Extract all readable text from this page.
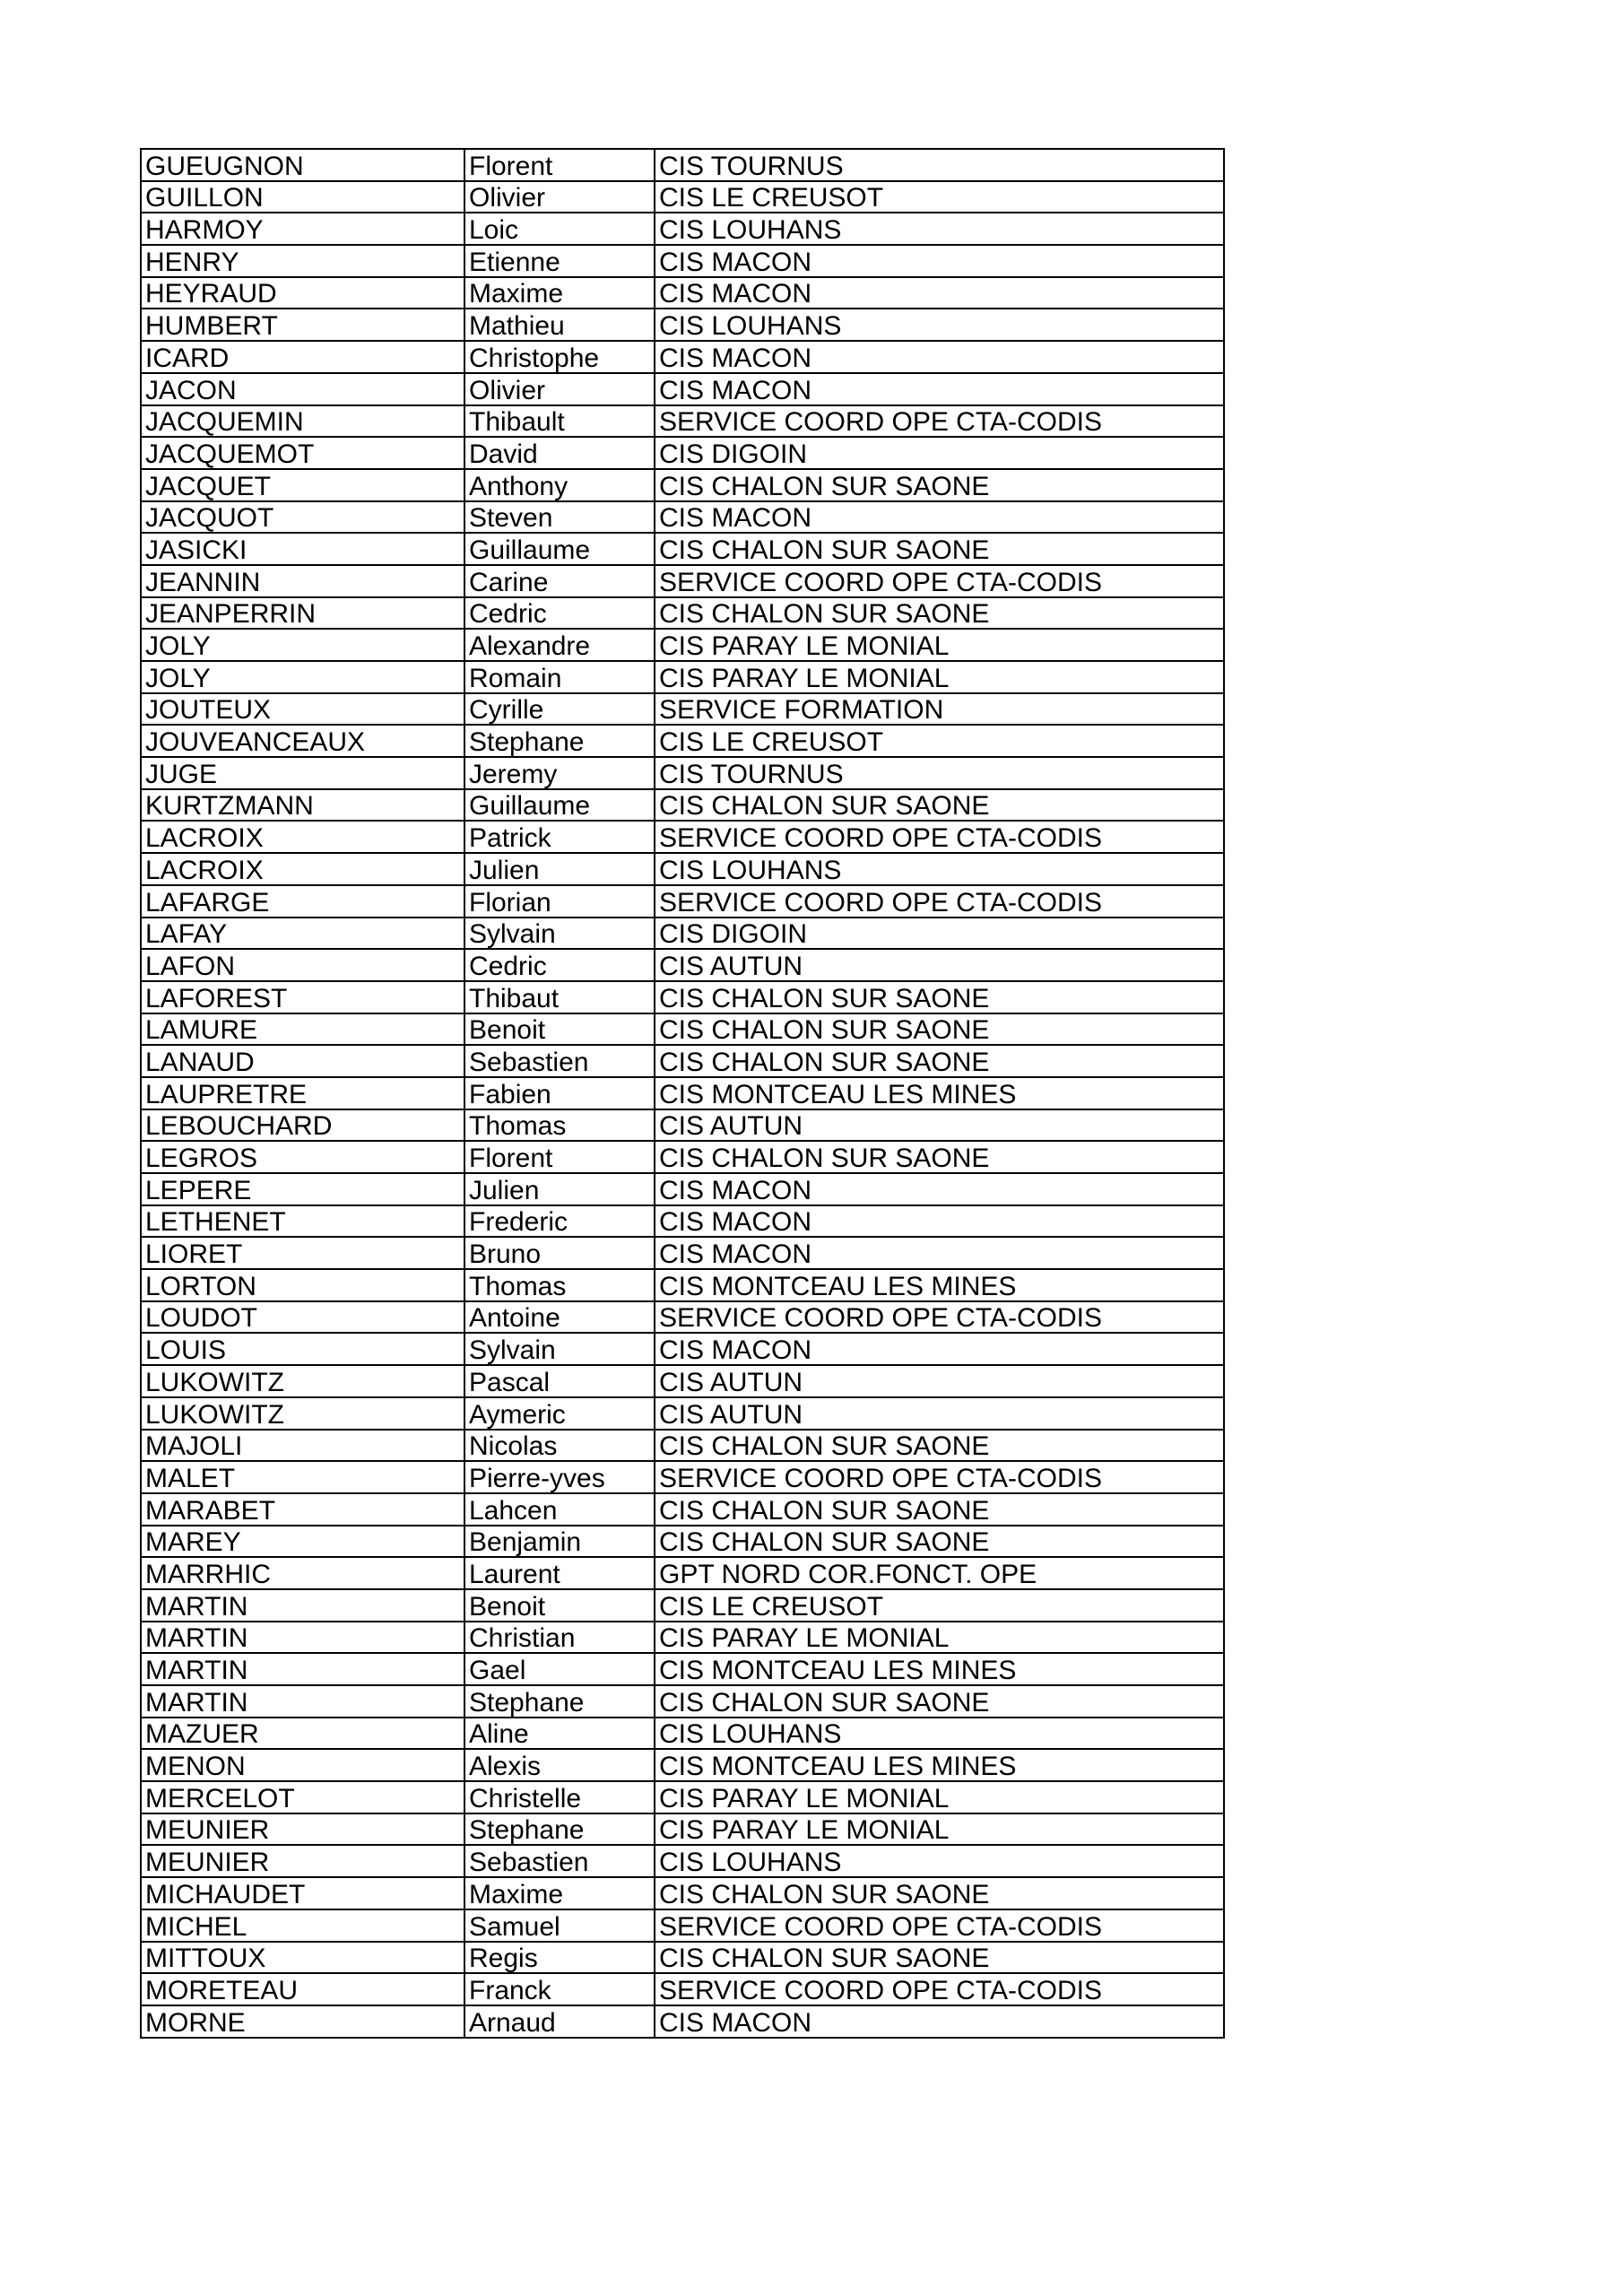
GUEUGNON	Florent	CIS TOURNUS
GUILLON	Olivier	CIS LE CREUSOT
HARMOY	Loic	CIS LOUHANS
HENRY	Etienne	CIS MACON
HEYRAUD	Maxime	CIS MACON
HUMBERT	Mathieu	CIS LOUHANS
ICARD	Christophe	CIS MACON
JACON	Olivier	CIS MACON
JACQUEMIN	Thibault	SERVICE COORD OPE CTA-CODIS
JACQUEMOT	David	CIS DIGOIN
JACQUET	Anthony	CIS CHALON SUR SAONE
JACQUOT	Steven	CIS MACON
JASICKI	Guillaume	CIS CHALON SUR SAONE
JEANNIN	Carine	SERVICE COORD OPE CTA-CODIS
JEANPERRIN	Cedric	CIS CHALON SUR SAONE
JOLY	Alexandre	CIS PARAY LE MONIAL
JOLY	Romain	CIS PARAY LE MONIAL
JOUTEUX	Cyrille	SERVICE FORMATION
JOUVEANCEAUX	Stephane	CIS LE CREUSOT
JUGE	Jeremy	CIS TOURNUS
KURTZMANN	Guillaume	CIS CHALON SUR SAONE
LACROIX	Patrick	SERVICE COORD OPE CTA-CODIS
LACROIX	Julien	CIS LOUHANS
LAFARGE	Florian	SERVICE COORD OPE CTA-CODIS
LAFAY	Sylvain	CIS DIGOIN
LAFON	Cedric	CIS AUTUN
LAFOREST	Thibaut	CIS CHALON SUR SAONE
LAMURE	Benoit	CIS CHALON SUR SAONE
LANAUD	Sebastien	CIS CHALON SUR SAONE
LAUPRETRE	Fabien	CIS MONTCEAU LES MINES
LEBOUCHARD	Thomas	CIS AUTUN
LEGROS	Florent	CIS CHALON SUR SAONE
LEPERE	Julien	CIS MACON
LETHENET	Frederic	CIS MACON
LIORET	Bruno	CIS MACON
LORTON	Thomas	CIS MONTCEAU LES MINES
LOUDOT	Antoine	SERVICE COORD OPE CTA-CODIS
LOUIS	Sylvain	CIS MACON
LUKOWITZ	Pascal	CIS AUTUN
LUKOWITZ	Aymeric	CIS AUTUN
MAJOLI	Nicolas	CIS CHALON SUR SAONE
MALET	Pierre-yves	SERVICE COORD OPE CTA-CODIS
MARABET	Lahcen	CIS CHALON SUR SAONE
MAREY	Benjamin	CIS CHALON SUR SAONE
MARRHIC	Laurent	GPT NORD COR.FONCT. OPE
MARTIN	Benoit	CIS LE CREUSOT
MARTIN	Christian	CIS PARAY LE MONIAL
MARTIN	Gael	CIS MONTCEAU LES MINES
MARTIN	Stephane	CIS CHALON SUR SAONE
MAZUER	Aline	CIS LOUHANS
MENON	Alexis	CIS MONTCEAU LES MINES
MERCELOT	Christelle	CIS PARAY LE MONIAL
MEUNIER	Stephane	CIS PARAY LE MONIAL
MEUNIER	Sebastien	CIS LOUHANS
MICHAUDET	Maxime	CIS CHALON SUR SAONE
MICHEL	Samuel	SERVICE COORD OPE CTA-CODIS
MITTOUX	Regis	CIS CHALON SUR SAONE
MORETEAU	Franck	SERVICE COORD OPE CTA-CODIS
MORNE	Arnaud	CIS MACON
